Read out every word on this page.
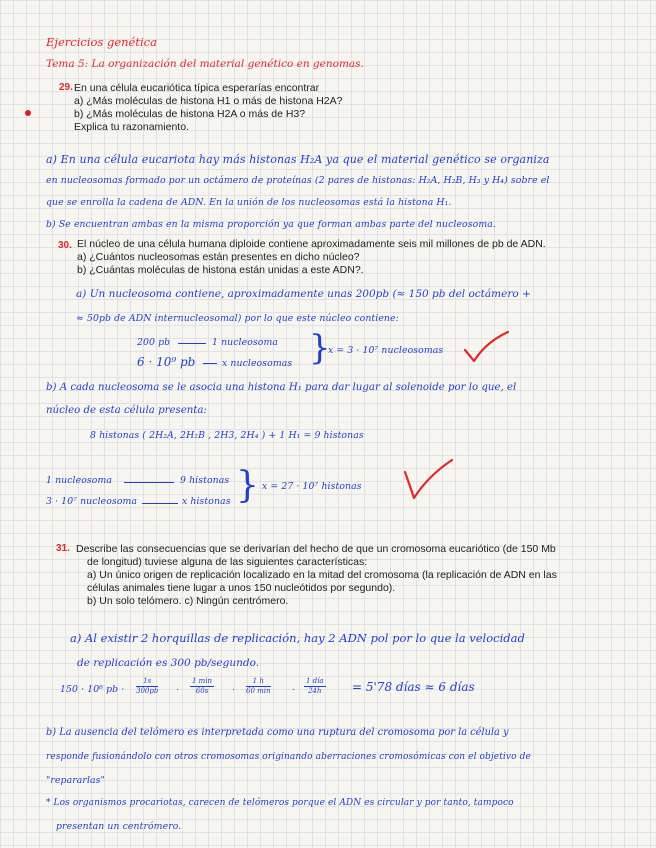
Ejercicios genética
Tema 5: La organización del material genético en genomas.
29. En una célula eucariótica típica esperarías encontrar
a) ¿Más moléculas de histona H1 o más de histona H2A?
b) ¿Más moléculas de histona H2A o más de H3?
Explica tu razonamiento.
a) En una célula eucariota hay más histonas H₂A ya que el material genético se organiza
en nucleosomas formado por un octámero de proteínas (2 pares de histonas: H₂A, H₂B, H₃ y H₄) sobre el
que se enrolla la cadena de ADN. En la unión de los nucleosomas está la histona H₁.
b) Se encuentran ambas en la misma proporción ya que forman ambas parte del nucleosoma.
30. El núcleo de una célula humana diploide contiene aproximadamente seis mil millones de pb de ADN.
a) ¿Cuántos nucleosomas están presentes en dicho núcleo?
b) ¿Cuántas moléculas de histona están unidas a este ADN?.
a) Un nucleosoma contiene, aproximadamente unas 200pb (≈ 150 pb del octámero +
≈ 50pb de ADN internucleosomal) por lo que este núcleo contiene:
200 pb	1 nucleosoma
6 · 10⁹ pb	x nucleosomas }
x = 3 · 10⁷ nucleosomas
b) A cada nucleosoma se le asocia una histona H₁ para dar lugar al solenoide por lo que, el
núcleo de esta célula presenta:
8 histonas ( 2H₂A, 2H₂B , 2H3, 2H₄ ) + 1 H₁ = 9 histonas
1 nucleosoma	9 histonas
3 · 10⁷ nucleosoma	x histonas } x = 27 · 10⁷ histonas
31. Describe las consecuencias que se derivarían del hecho de que un cromosoma eucariótico (de 150 Mb
de longitud) tuviese alguna de las siguientes características:
a) Un único origen de replicación localizado en la mitad del cromosoma (la replicación de ADN en las
células animales tiene lugar a unos 150 nucleótidos por segundo).
b) Un solo telómero. c) Ningún centrómero.
a) Al existir 2 horquillas de replicación, hay 2 ADN pol por lo que la velocidad
de replicación es 300 pb/segundo.
150 · 10⁶ pb · $\frac{1s}{300pb}$ ·
1 min
60s	·
1 h
60 min ·
1 día
24h	= 5'78 días ≈ 6 días
b) La ausencia del telómero es interpretada como una ruptura del cromosoma por la célula y
responde fusionándolo con otros cromosomas originando aberraciones cromosómicas con el objetivo de
"repararlas"
* Los organismos procariotas, carecen de telómeros porque el ADN es circular y por tanto, tampoco
presentan un centrómero.
